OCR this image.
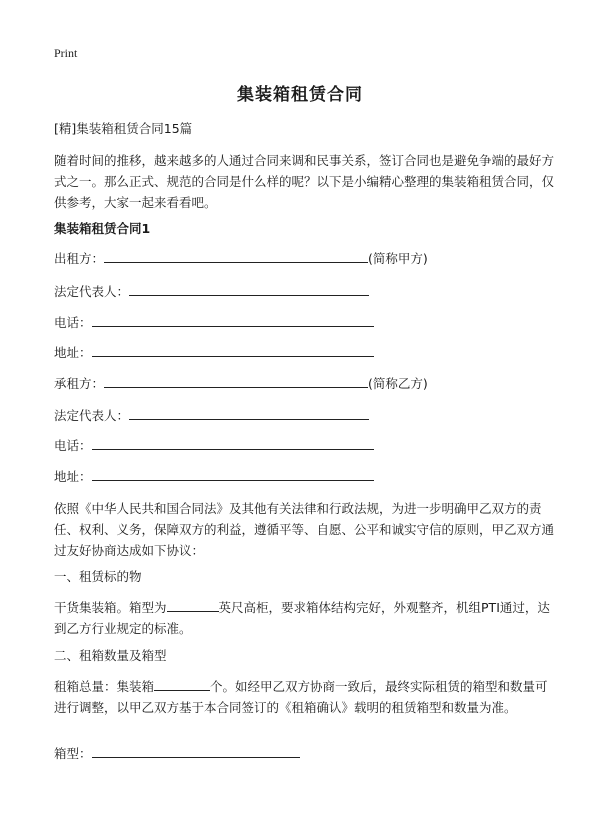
Print
集装箱租赁合同
[精]集装箱租赁合同15篇
随着时间的推移，越来越多的人通过合同来调和民事关系，签订合同也是避免争端的最好方式之一。那么正式、规范的合同是什么样的呢？以下是小编精心整理的集装箱租赁合同，仅供参考，大家一起来看看吧。
集装箱租赁合同1
出租方：	(简称甲方)
法定代表人：
电话：
地址：
承租方：	(简称乙方)
法定代表人：
电话：
地址：
依照《中华人民共和国合同法》及其他有关法律和行政法规，为进一步明确甲乙双方的责任、权利、义务，保障双方的利益，遵循平等、自愿、公平和诚实守信的原则，甲乙双方通过友好协商达成如下协议：
一、租赁标的物
干货集装箱。箱型为	英尺高柜，要求箱体结构完好，外观整齐，机组PTI通过，达到乙方行业规定的标准。
二、租箱数量及箱型
租箱总量：集装箱	个。如经甲乙双方协商一致后，最终实际租赁的箱型和数量可进行调整，以甲乙双方基于本合同签订的《租箱确认》载明的租赁箱型和数量为准。
箱型：
